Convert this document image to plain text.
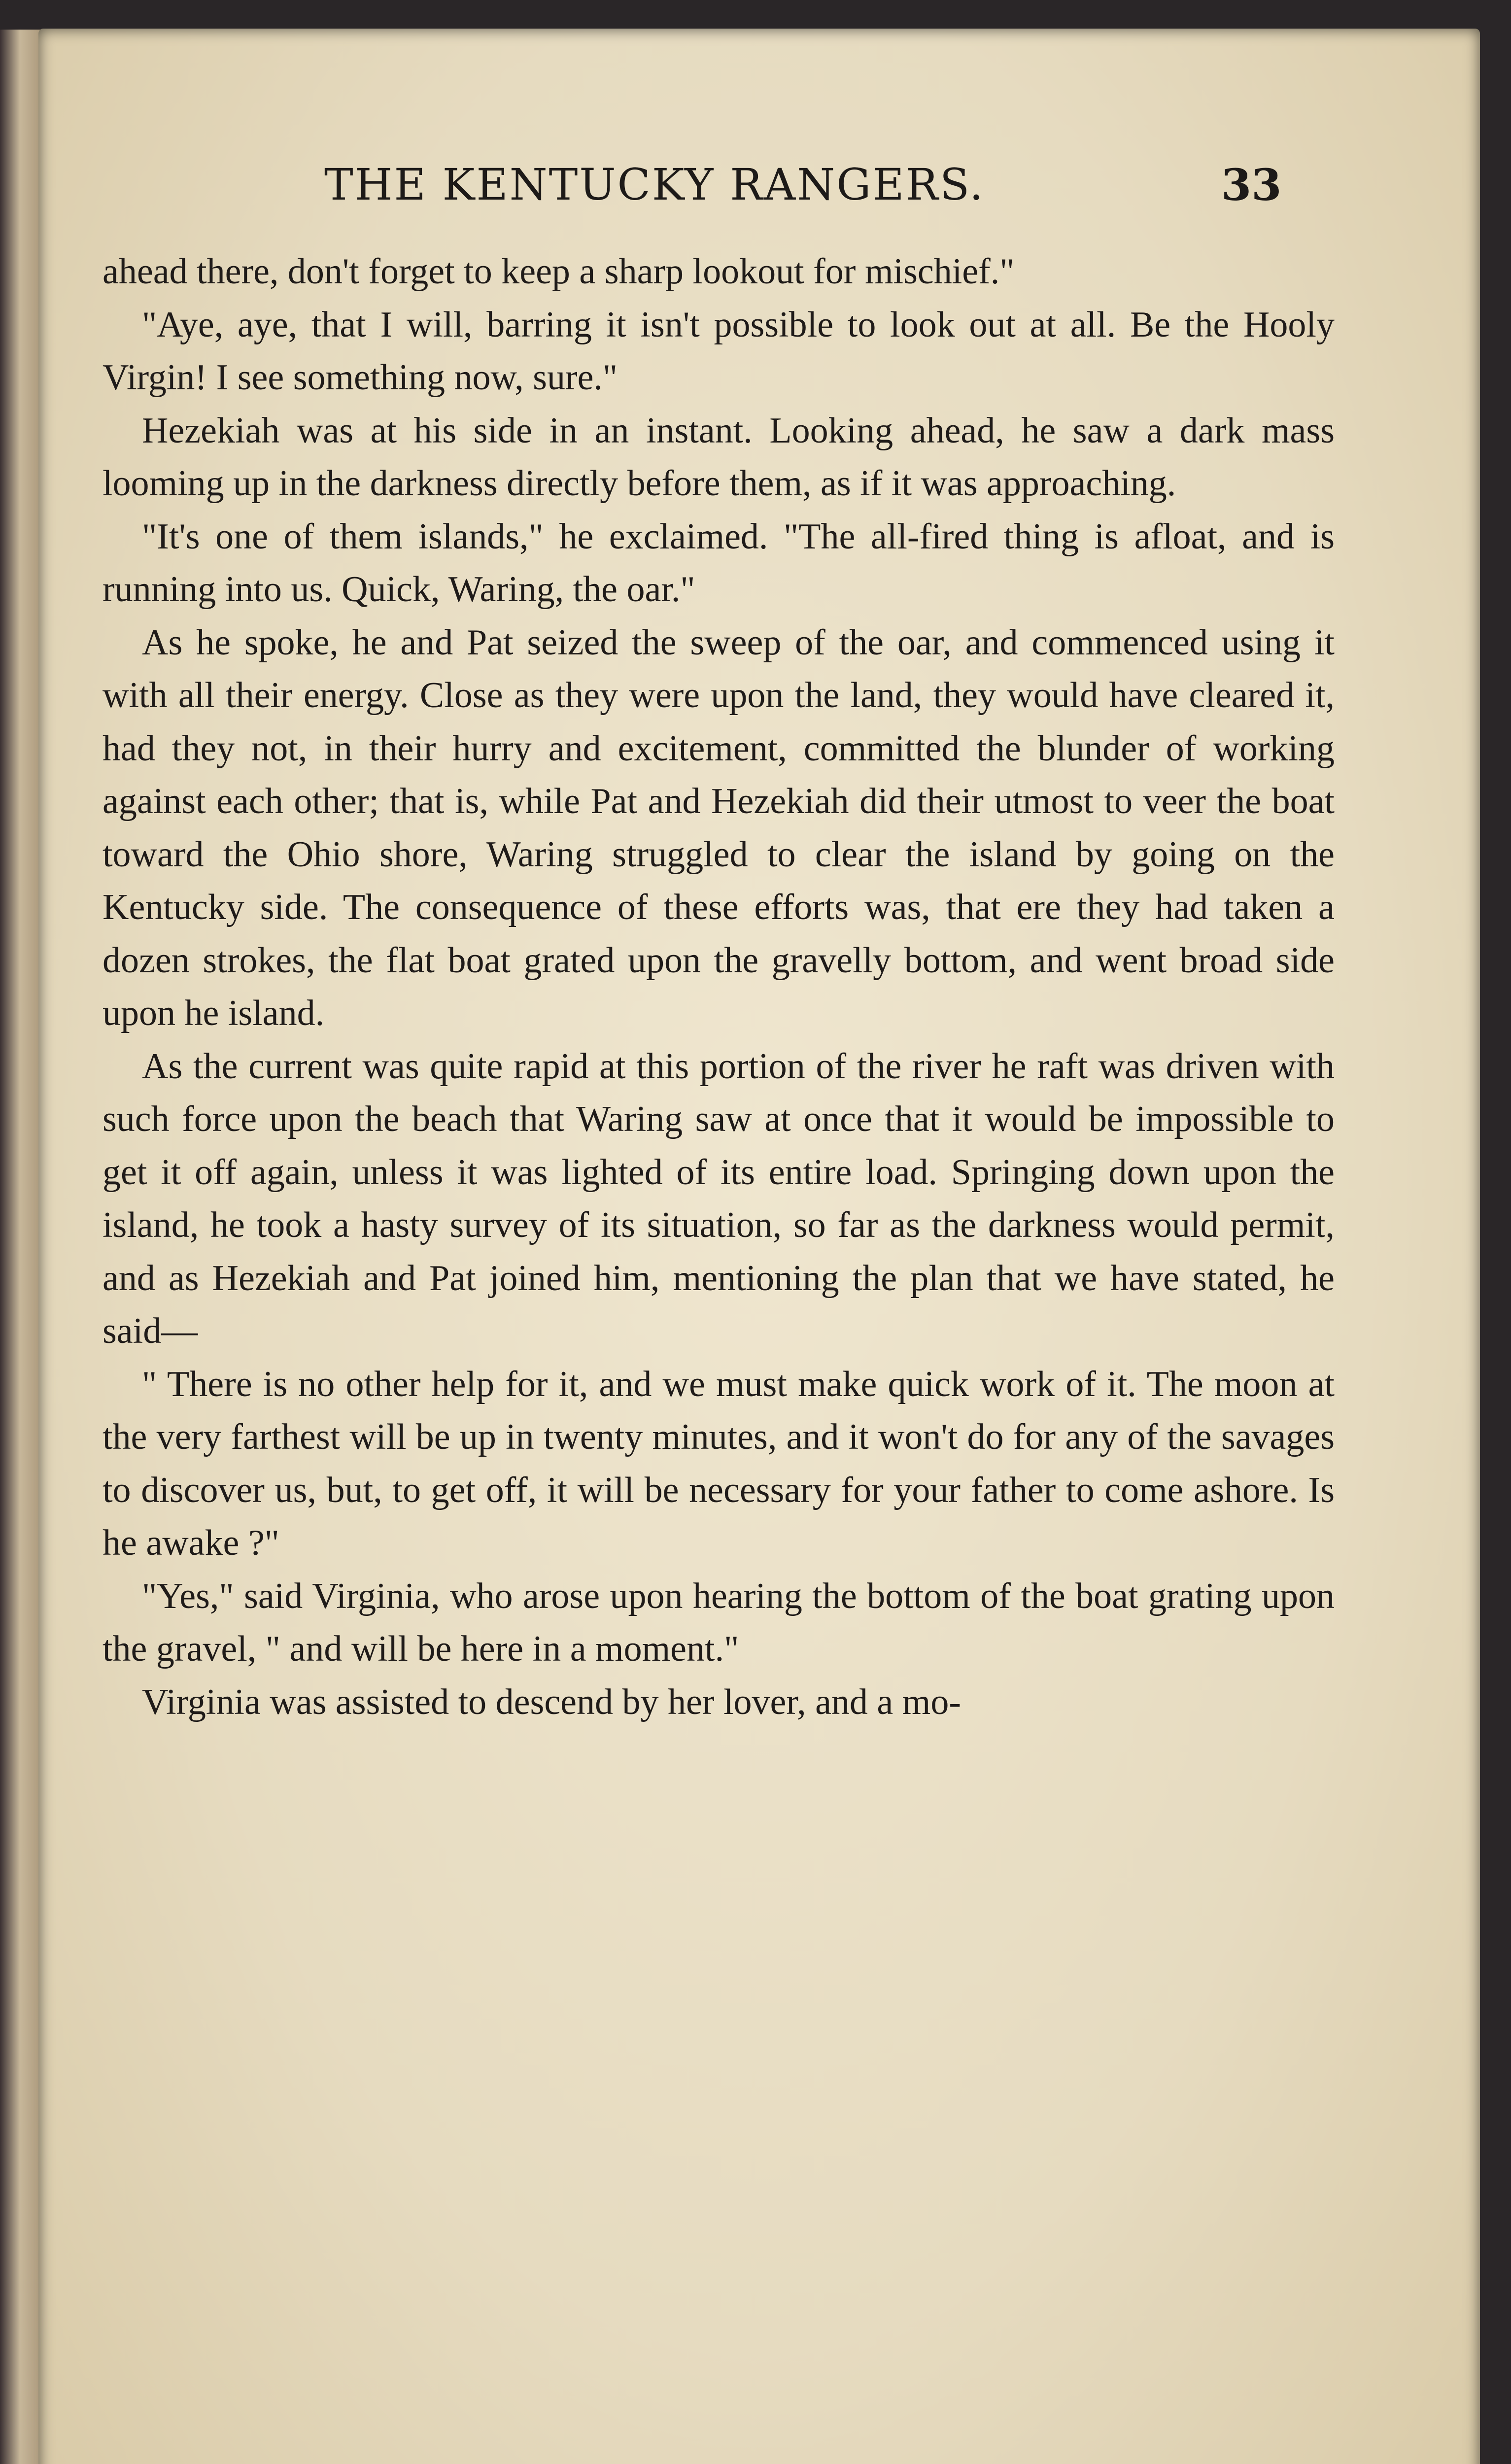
THE KENTUCKY RANGERS.	33

ahead there, don't forget to keep a sharp lookout for mischief."

"Aye, aye, that I will, barring it isn't possible to look out at all. Be the Hooly Virgin! I see something now, sure."

Hezekiah was at his side in an instant. Looking ahead, he saw a dark mass looming up in the darkness directly before them, as if it was approaching.

"It's one of them islands," he exclaimed. "The all-fired thing is afloat, and is running into us. Quick, Waring, the oar."

As he spoke, he and Pat seized the sweep of the oar, and commenced using it with all their energy. Close as they were upon the land, they would have cleared it, had they not, in their hurry and excitement, committed the blunder of working against each other; that is, while Pat and Hezekiah did their utmost to veer the boat toward the Ohio shore, Waring struggled to clear the island by going on the Kentucky side. The consequence of these efforts was, that ere they had taken a dozen strokes, the flat boat grated upon the gravelly bottom, and went broad side upon he island.

As the current was quite rapid at this portion of the river he raft was driven with such force upon the beach that Waring saw at once that it would be impossible to get it off again, unless it was lighted of its entire load. Springing down upon the island, he took a hasty survey of its situation, so far as the darkness would permit, and as Hezekiah and Pat joined him, mentioning the plan that we have stated, he said—

" There is no other help for it, and we must make quick work of it. The moon at the very farthest will be up in twenty minutes, and it won't do for any of the savages to discover us, but, to get off, it will be necessary for your father to come ashore. Is he awake ?"

"Yes," said Virginia, who arose upon hearing the bottom of the boat grating upon the gravel, " and will be here in a moment."

Virginia was assisted to descend by her lover, and a mo-
